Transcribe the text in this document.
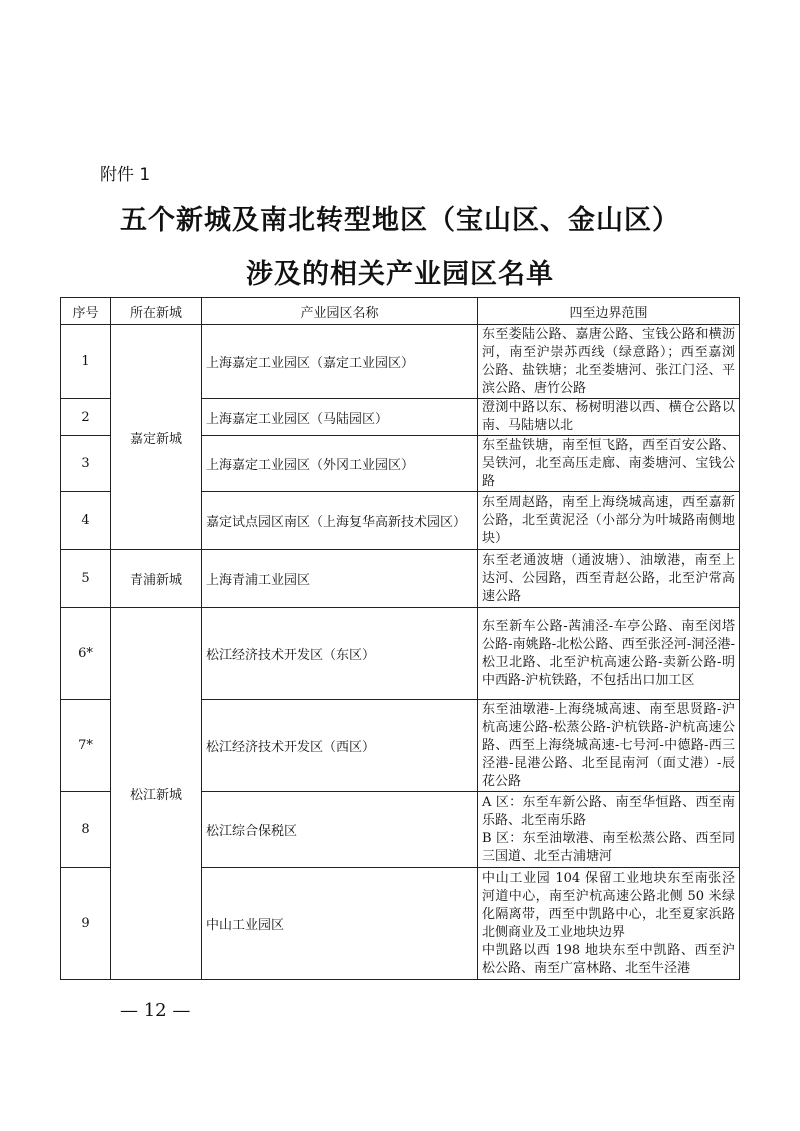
附件 1
五个新城及南北转型地区（宝山区、金山区）
涉及的相关产业园区名单
序号	所在新城	产业园区名称	四至边界范围
1	嘉定新城	上海嘉定工业园区（嘉定工业园区）	东至娄陆公路、嘉唐公路、宝钱公路和横沥河，南至沪崇苏西线（绿意路）；西至嘉浏公路、盐铁塘；北至娄塘河、张江门泾、平滨公路、唐竹公路

2		上海嘉定工业园区（马陆园区）	澄浏中路以东、杨树明港以西、横仓公路以南、马陆塘以北

3		上海嘉定工业园区（外冈工业园区）	东至盐铁塘，南至恒飞路，西至百安公路、吴铁河，北至高压走廊、南娄塘河、宝钱公路

4		嘉定试点园区南区（上海复华高新技术园区）	东至周赵路，南至上海绕城高速，西至嘉新公路，北至黄泥泾（小部分为叶城路南侧地块）

5	青浦新城	上海青浦工业园区	东至老通波塘（通波塘）、油墩港，南至上达河、公园路，西至青赵公路，北至沪常高速公路

6*	松江新城	松江经济技术开发区（东区）	东至新车公路-茜浦泾-车亭公路、南至闵塔公路-南姚路-北松公路、西至张泾河-洞泾港-松卫北路、北至沪杭高速公路-卖新公路-明中西路-沪杭铁路，不包括出口加工区

7*		松江经济技术开发区（西区）	东至油墩港-上海绕城高速、南至思贤路-沪杭高速公路-松蒸公路-沪杭铁路-沪杭高速公路、西至上海绕城高速-七号河-中德路-西三泾港-昆港公路、北至昆南河（面丈港）-辰花公路

8		松江综合保税区	A 区：东至车新公路、南至华恒路、西至南乐路、北至南乐路
B 区：东至油墩港、南至松蒸公路、西至同三国道、北至古浦塘河

9		中山工业园区	中山工业园 104 保留工业地块东至南张泾河道中心，南至沪杭高速公路北侧 50 米绿化隔离带，西至中凯路中心，北至夏家浜路北侧商业及工业地块边界
中凯路以西 198 地块东至中凯路、西至沪松公路、南至广富林路、北至牛泾港
— 12 —
